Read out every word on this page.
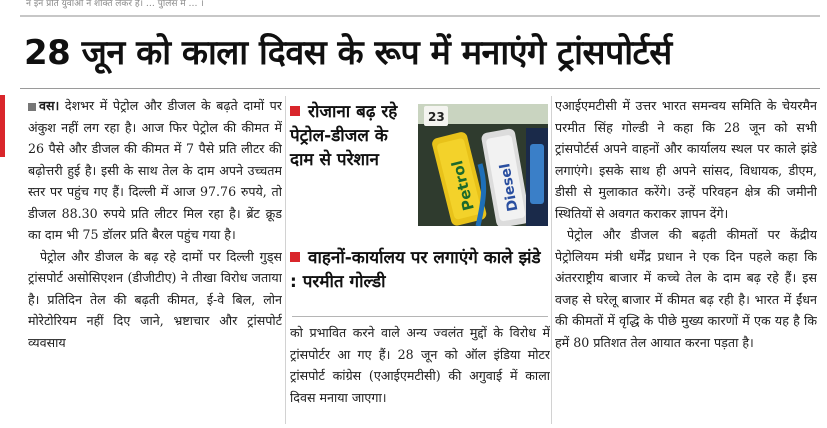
न इन प्रति युवाओं ने शक्ति लेकर है। … पुलिस में … ।
28 जून को काला दिवस के रूप में मनाएंगे ट्रांसपोर्टर्स

वस। देशभर में पेट्रोल और डीजल के बढ़ते दामों पर अंकुश नहीं लग रहा है। आज फिर पेट्रोल की कीमत में 26 पैसे और डीजल की कीमत में 7 पैसे प्रति लीटर की बढ़ोत्तरी हुई है। इसी के साथ तेल के दाम अपने उच्चतम स्तर पर पहुंच गए हैं। दिल्ली में आज 97.76 रुपये, तो डीजल 88.30 रुपये प्रति लीटर मिल रहा है। ब्रेंट क्रूड का दाम भी 75 डॉलर प्रति बैरल पहुंच गया है।

पेट्रोल और डीजल के बढ़ रहे दामों पर दिल्ली गुड्स ट्रांसपोर्ट असोसिएशन (डीजीटीए) ने तीखा विरोध जताया है। प्रतिदिन तेल की बढ़ती कीमत, ई-वे बिल, लोन मोरेटोरियम नहीं दिए जाने, भ्रष्टाचार और ट्रांसपोर्ट व्यवसाय

रोजाना बढ़ रहे पेट्रोल-डीजल के दाम से परेशान
23
Petrol Diesel
वाहनों-कार्यालय पर लगाएंगे काले झंडे : परमीत गोल्डी

को प्रभावित करने वाले अन्य ज्वलंत मुद्दों के विरोध में ट्रांसपोर्टर आ गए हैं। 28 जून को ऑल इंडिया मोटर ट्रांसपोर्ट कांग्रेस (एआईएमटीसी) की अगुवाई में काला दिवस मनाया जाएगा।

एआईएमटीसी में उत्तर भारत समन्वय समिति के चेयरमैन परमीत सिंह गोल्डी ने कहा कि 28 जून को सभी ट्रांसपोर्टर्स अपने वाहनों और कार्यालय स्थल पर काले झंडे लगाएंगे। इसके साथ ही अपने सांसद, विधायक, डीएम, डीसी से मुलाकात करेंगे। उन्हें परिवहन क्षेत्र की जमीनी स्थितियों से अवगत कराकर ज्ञापन देंगे।

पेट्रोल और डीजल की बढ़ती कीमतों पर केंद्रीय पेट्रोलियम मंत्री धर्मेंद्र प्रधान ने एक दिन पहले कहा कि अंतरराष्ट्रीय बाजार में कच्चे तेल के दाम बढ़ रहे हैं। इस वजह से घरेलू बाजार में कीमत बढ़ रही है। भारत में ईंधन की कीमतों में वृद्धि के पीछे मुख्य कारणों में एक यह है कि हमें 80 प्रतिशत तेल आयात करना पड़ता है।
